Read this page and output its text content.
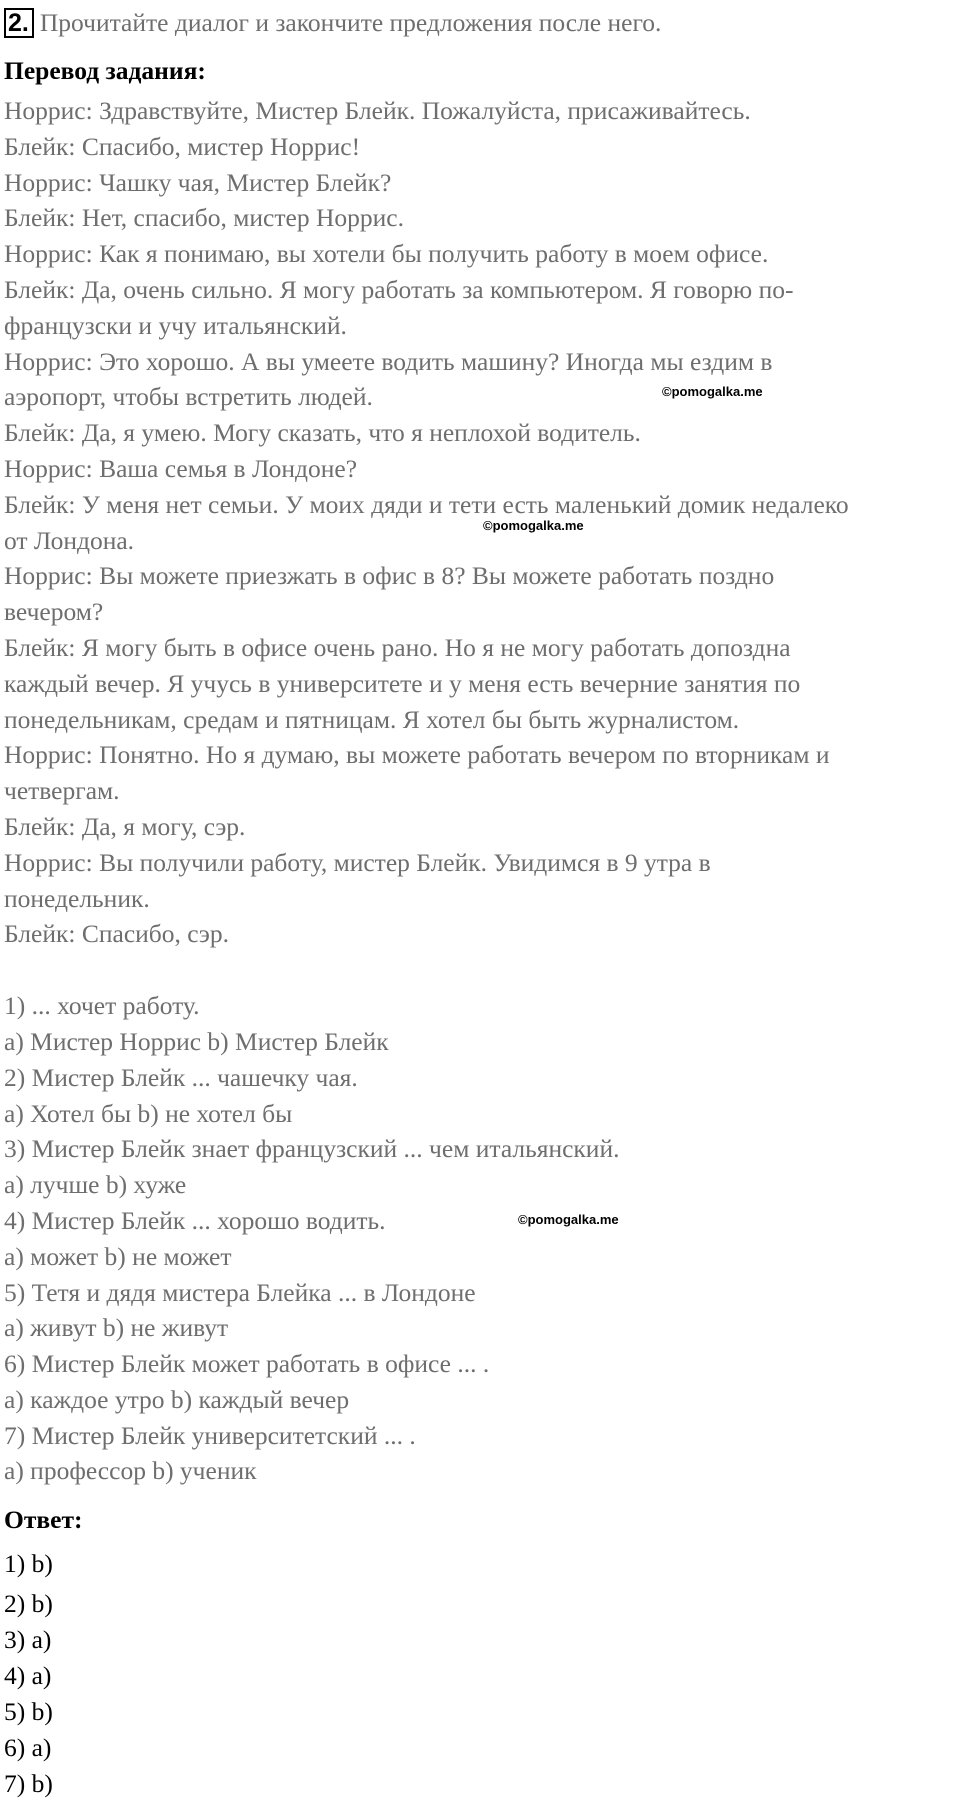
2. Прочитайте диалог и закончите предложения после него.
Перевод задания:
Норрис: Здравствуйте, Мистер Блейк. Пожалуйста, присаживайтесь.
Блейк: Спасибо, мистер Норрис!
Норрис: Чашку чая, Мистер Блейк?
Блейк: Нет, спасибо, мистер Норрис.
Норрис: Как я понимаю, вы хотели бы получить работу в моем офисе.
Блейк: Да, очень сильно. Я могу работать за компьютером. Я говорю по-
французски и учу итальянский.
Норрис: Это хорошо. А вы умеете водить машину? Иногда мы ездим в
аэропорт, чтобы встретить людей.
Блейк: Да, я умею. Могу сказать, что я неплохой водитель.
Норрис: Ваша семья в Лондоне?
Блейк: У меня нет семьи. У моих дяди и тети есть маленький домик недалеко
от Лондона.
Норрис: Вы можете приезжать в офис в 8? Вы можете работать поздно
вечером?
Блейк: Я могу быть в офисе очень рано. Но я не могу работать допоздна
каждый вечер. Я учусь в университете и у меня есть вечерние занятия по
понедельникам, средам и пятницам. Я хотел бы быть журналистом.
Норрис: Понятно. Но я думаю, вы можете работать вечером по вторникам и
четвергам.
Блейк: Да, я могу, сэр.
Норрис: Вы получили работу, мистер Блейк. Увидимся в 9 утра в
понедельник.
Блейк: Спасибо, сэр.
1) ... хочет работу.
a) Мистер Норрис b) Мистер Блейк
2) Мистер Блейк ... чашечку чая.
a) Хотел бы b) не хотел бы
3) Мистер Блейк знает французский ... чем итальянский.
a) лучше b) хуже
4) Мистер Блейк ... хорошо водить.
a) может b) не может
5) Тетя и дядя мистера Блейка ... в Лондоне
a) живут b) не живут
6) Мистер Блейк может работать в офисе ... .
a) каждое утро b) каждый вечер
7) Мистер Блейк университетский ... .
a) профессор b) ученик
Ответ:
1) b)
2) b)
3) a)
4) a)
5) b)
6) a)
7) b)
©pomogalka.me
©pomogalka.me
©pomogalka.me
